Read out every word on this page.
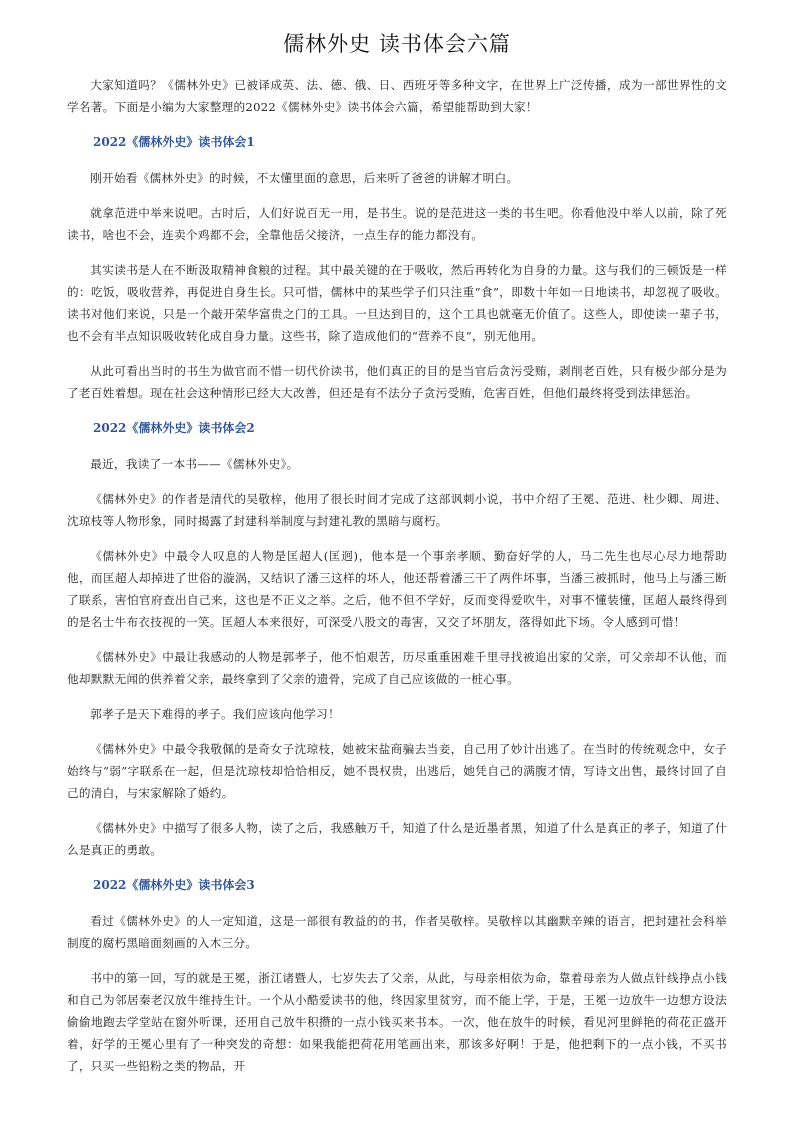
儒林外史 读书体会六篇

大家知道吗？《儒林外史》已被译成英、法、德、俄、日、西班牙等多种文字，在世界上广泛传播，成为一部世界性的文学名著。下面是小编为大家整理的2022《儒林外史》读书体会六篇，希望能帮助到大家！

2022《儒林外史》读书体会1

刚开始看《儒林外史》的时候，不太懂里面的意思，后来听了爸爸的讲解才明白。

就拿范进中举来说吧。古时后，人们好说百无一用，是书生。说的是范进这一类的书生吧。你看他没中举人以前，除了死读书，啥也不会，连卖个鸡都不会，全靠他岳父接济，一点生存的能力都没有。

其实读书是人在不断汲取精神食粮的过程。其中最关键的在于吸收，然后再转化为自身的力量。这与我们的三顿饭是一样的：吃饭，吸收营养，再促进自身生长。只可惜，儒林中的某些学子们只注重“食”，即数十年如一日地读书，却忽视了吸收。读书对他们来说，只是一个敲开荣华富贵之门的工具。一旦达到目的，这个工具也就毫无价值了。这些人，即使读一辈子书，也不会有半点知识吸收转化成自身力量。这些书，除了造成他们的“营养不良”，别无他用。

从此可看出当时的书生为做官而不惜一切代价读书，他们真正的目的是当官后贪污受贿，剥削老百姓，只有极少部分是为了老百姓着想。现在社会这种情形已经大大改善，但还是有不法分子贪污受贿，危害百姓，但他们最终将受到法律惩治。

2022《儒林外史》读书体会2

最近，我读了一本书——《儒林外史》。

《儒林外史》的作者是清代的吴敬梓，他用了很长时间才完成了这部讽刺小说，书中介绍了王冕、范进、杜少卿、周进、沈琼枝等人物形象，同时揭露了封建科举制度与封建礼教的黑暗与腐朽。

《儒林外史》中最令人叹息的人物是匡超人(匡迥)，他本是一个事亲孝顺、勤奋好学的人，马二先生也尽心尽力地帮助他，而匡超人却掉进了世俗的漩涡，又结识了潘三这样的坏人，他还帮着潘三干了两件坏事，当潘三被抓时，他马上与潘三断了联系，害怕官府查出自己来，这也是不正义之举。之后，他不但不学好，反而变得爱吹牛，对事不懂装懂，匡超人最终得到的是名士牛布衣技视的一笑。匡超人本来很好，可深受八股文的毒害，又交了坏朋友，落得如此下场。令人感到可惜！

《儒林外史》中最让我感动的人物是郭孝子，他不怕艰苦，历尽重重困难千里寻找被追出家的父亲，可父亲却不认他，而他却默默无闻的供养着父亲，最终拿到了父亲的遗骨，完成了自己应该做的一桩心事。

郭孝子是天下难得的孝子。我们应该向他学习！

《儒林外史》中最令我敬佩的是奇女子沈琼枝，她被宋盐商骗去当妾，自己用了妙计出逃了。在当时的传统观念中，女子始终与“弱”字联系在一起，但是沈琼枝却恰恰相反，她不畏权贵，出逃后，她凭自己的满腹才情，写诗文出售，最终讨回了自己的清白，与宋家解除了婚约。

《儒林外史》中描写了很多人物，读了之后，我感触万千，知道了什么是近墨者黑，知道了什么是真正的孝子，知道了什么是真正的勇敢。

2022《儒林外史》读书体会3

看过《儒林外史》的人一定知道，这是一部很有教益的的书，作者吴敬梓。吴敬梓以其幽默辛辣的语言，把封建社会科举制度的腐朽黑暗面刻画的入木三分。

书中的第一回，写的就是王冕，浙江诸暨人，七岁失去了父亲，从此，与母亲相依为命，靠着母亲为人做点针线挣点小钱和自己为邻居秦老汉放牛维持生计。一个从小酷爱读书的他，终因家里贫穷，而不能上学，于是，王冕一边放牛一边想方设法偷偷地跑去学堂站在窗外听课，还用自己放牛积攒的一点小钱买来书本。一次，他在放牛的时候，看见河里鲜艳的荷花正盛开着，好学的王冕心里有了一种突发的奇想：如果我能把荷花用笔画出来，那该多好啊！于是，他把剩下的一点小钱，不买书了，只买一些铅粉之类的物品，开
